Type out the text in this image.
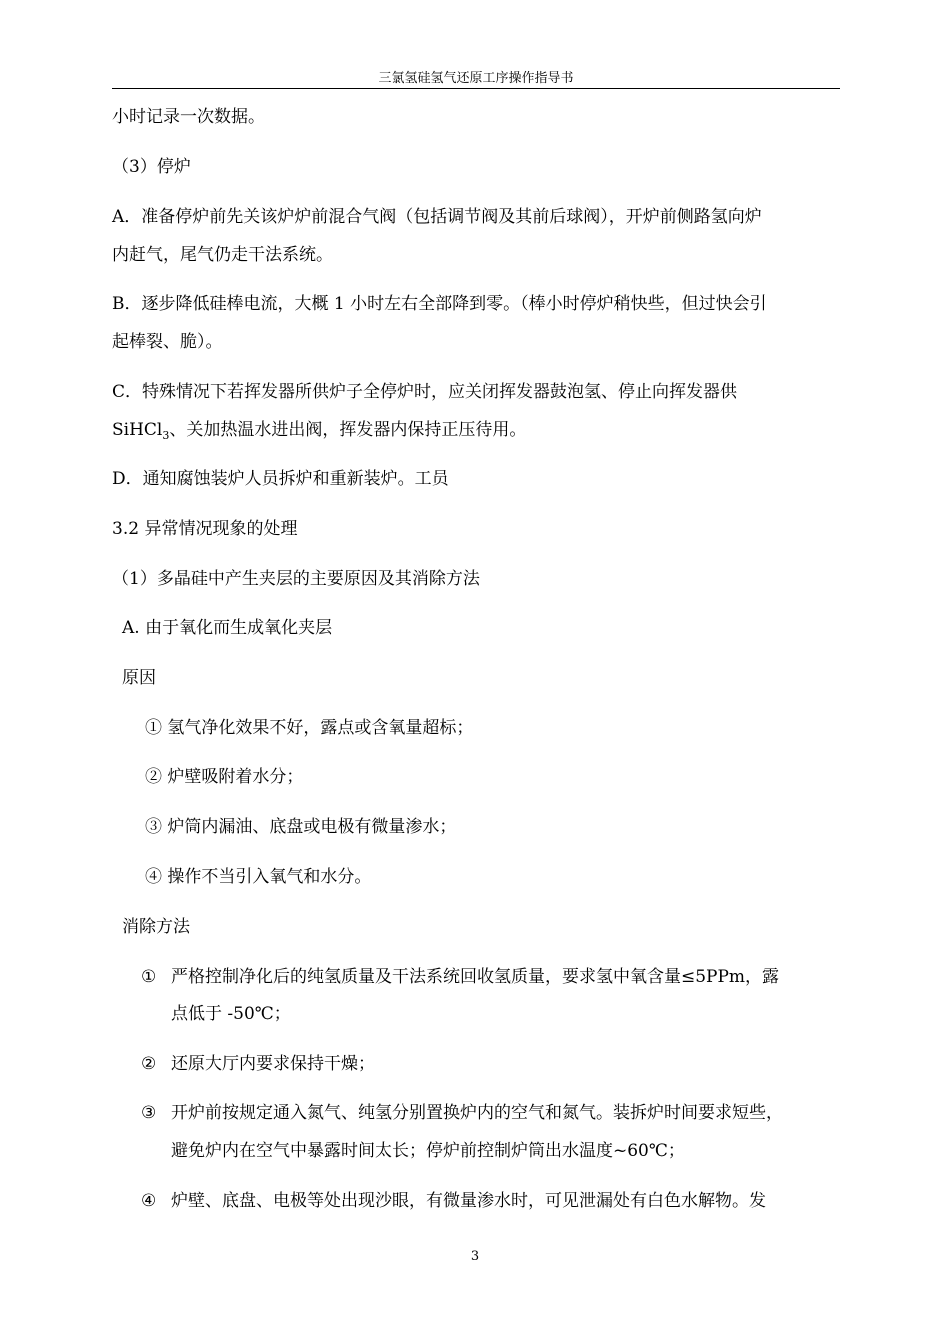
三氯氢硅氢气还原工序操作指导书
小时记录一次数据。
（3）停炉
A．准备停炉前先关该炉炉前混合气阀（包括调节阀及其前后球阀），开炉前侧路氢向炉
内赶气，尾气仍走干法系统。
B．逐步降低硅棒电流，大概 1 小时左右全部降到零。（棒小时停炉稍快些，但过快会引
起棒裂、脆）。
C．特殊情况下若挥发器所供炉子全停炉时，应关闭挥发器鼓泡氢、停止向挥发器供
SiHCl$_3$、关加热温水进出阀，挥发器内保持正压待用。
D．通知腐蚀装炉人员拆炉和重新装炉。工员
3.2 异常情况现象的处理
（1）多晶硅中产生夹层的主要原因及其消除方法
A. 由于氧化而生成氧化夹层
原因
① 氢气净化效果不好，露点或含氧量超标；
② 炉壁吸附着水分；
③ 炉筒内漏油、底盘或电极有微量渗水；
④ 操作不当引入氧气和水分。
消除方法
① 严格控制净化后的纯氢质量及干法系统回收氢质量，要求氢中氧含量≤5PPm，露
点低于 -50℃；
② 还原大厅内要求保持干燥；
③ 开炉前按规定通入氮气、纯氢分别置换炉内的空气和氮气。装拆炉时间要求短些，
避免炉内在空气中暴露时间太长；停炉前控制炉筒出水温度~60℃；
④ 炉壁、底盘、电极等处出现沙眼，有微量渗水时，可见泄漏处有白色水解物。发
3
